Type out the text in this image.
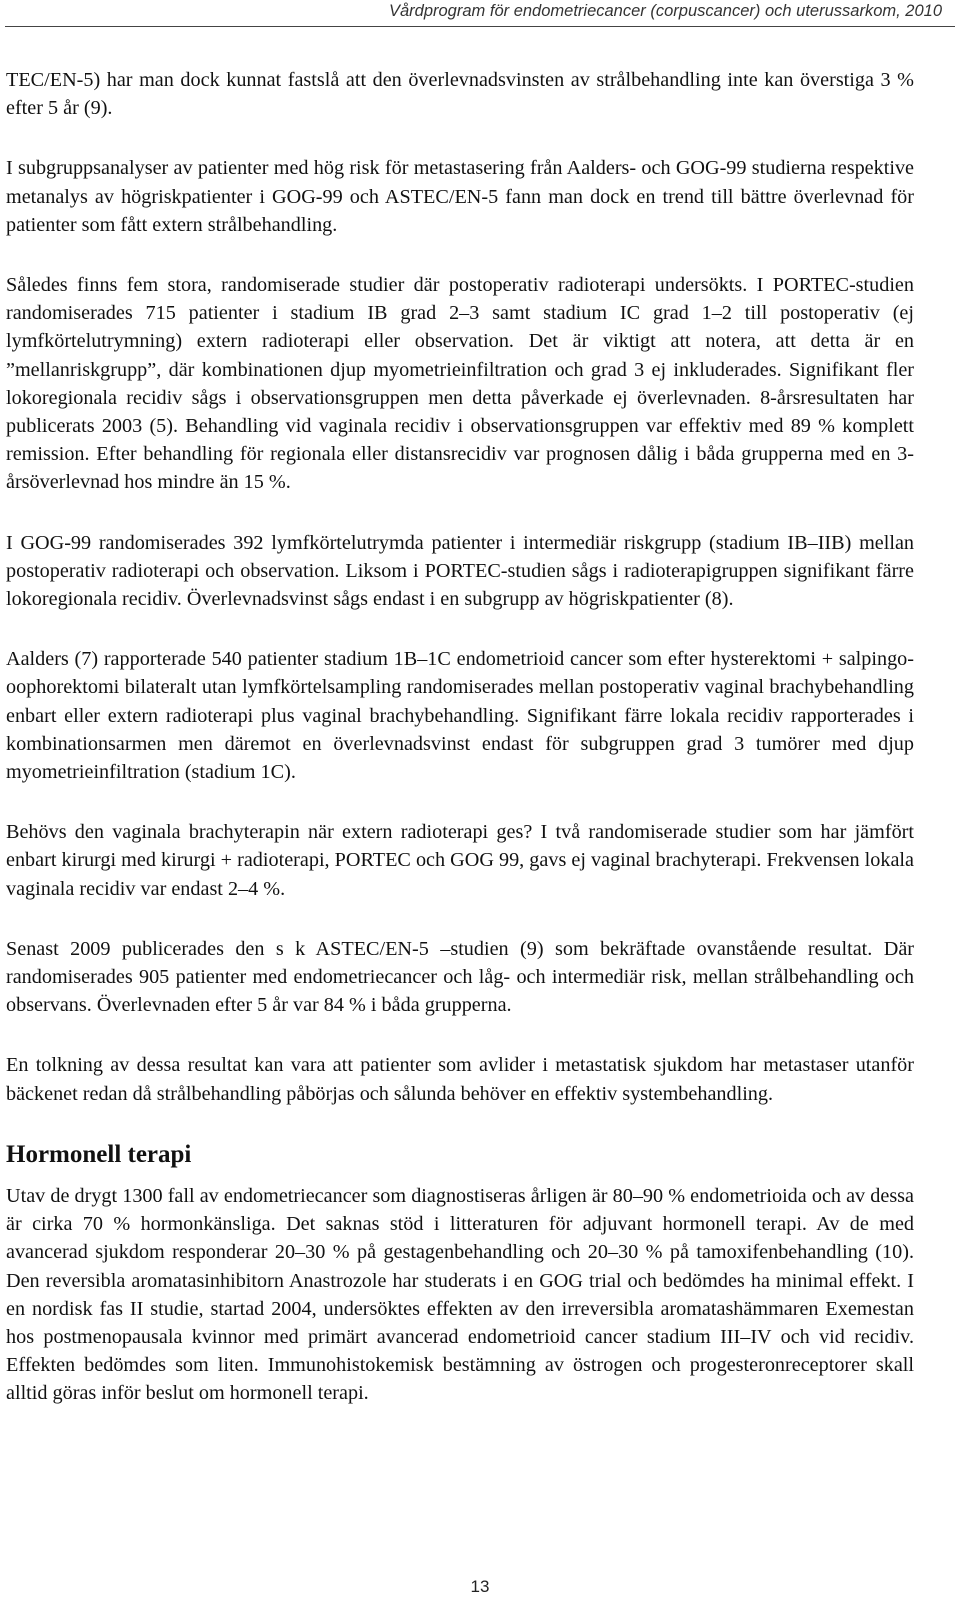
Vårdprogram för endometriecancer (corpuscancer) och uterussarkom, 2010

TEC/EN-5) har man dock kunnat fastslå att den överlevnadsvinsten av strålbehandling inte kan överstiga 3 % efter 5 år (9).

I subgruppsanalyser av patienter med hög risk för metastasering från Aalders- och GOG-99 studierna respektive metanalys av högriskpatienter i GOG-99 och ASTEC/EN-5 fann man dock en trend till bättre överlevnad för patienter som fått extern strålbehandling.

Således finns fem stora, randomiserade studier där postoperativ radioterapi undersökts. I PORTEC-studien randomiserades 715 patienter i stadium IB grad 2–3 samt stadium IC grad 1–2 till postoperativ (ej lymfkörtelutrymning) extern radioterapi eller observation. Det är viktigt att notera, att detta är en ”mellanriskgrupp”, där kombinationen djup myometrieinfiltration och grad 3 ej inkluderades. Signifikant fler lokoregionala recidiv sågs i observationsgruppen men detta påverkade ej överlevnaden. 8-årsresultaten har publicerats 2003 (5). Behandling vid vaginala recidiv i observationsgruppen var effektiv med 89 % komplett remission. Efter behandling för regionala eller distansrecidiv var prognosen dålig i båda grupperna med en 3-årsöverlevnad hos mindre än 15 %.

I GOG-99 randomiserades 392 lymfkörtelutrymda patienter i intermediär riskgrupp (stadium IB–IIB) mellan postoperativ radioterapi och observation. Liksom i PORTEC-studien sågs i radioterapigruppen signifikant färre lokoregionala recidiv. Överlevnadsvinst sågs endast i en subgrupp av högriskpatienter (8).

Aalders (7) rapporterade 540 patienter stadium 1B–1C endometrioid cancer som efter hysterektomi + salpingo-oophorektomi bilateralt utan lymfkörtelsampling randomiserades mellan postoperativ vaginal brachybehandling enbart eller extern radioterapi plus vaginal brachybehandling. Signifikant färre lokala recidiv rapporterades i kombinationsarmen men däremot en överlevnadsvinst endast för subgruppen grad 3 tumörer med djup myometrieinfiltration (stadium 1C).

Behövs den vaginala brachyterapin när extern radioterapi ges? I två randomiserade studier som har jämfört enbart kirurgi med kirurgi + radioterapi, PORTEC och GOG 99, gavs ej vaginal brachyterapi. Frekvensen lokala vaginala recidiv var endast 2–4 %.

Senast 2009 publicerades den s k ASTEC/EN-5 –studien (9) som bekräftade ovanstående resultat. Där randomiserades 905 patienter med endometriecancer och låg- och intermediär risk, mellan strålbehandling och observans. Överlevnaden efter 5 år var 84 % i båda grupperna.

En tolkning av dessa resultat kan vara att patienter som avlider i metastatisk sjukdom har metastaser utanför bäckenet redan då strålbehandling påbörjas och sålunda behöver en effektiv systembehandling.

Hormonell terapi

Utav de drygt 1300 fall av endometriecancer som diagnostiseras årligen är 80–90 % endometrioida och av dessa är cirka 70 % hormonkänsliga. Det saknas stöd i litteraturen för adjuvant hormonell terapi. Av de med avancerad sjukdom responderar 20–30 % på gestagenbehandling och 20–30 % på tamoxifenbehandling (10). Den reversibla aromatasinhibitorn Anastrozole har studerats i en GOG trial och bedömdes ha minimal effekt. I en nordisk fas II studie, startad 2004, undersöktes effekten av den irreversibla aromatashämmaren Exemestan hos postmenopausala kvinnor med primärt avancerad endometrioid cancer stadium III–IV och vid recidiv. Effekten bedömdes som liten. Immunohistokemisk bestämning av östrogen och progesteronreceptorer skall alltid göras inför beslut om hormonell terapi.

13
